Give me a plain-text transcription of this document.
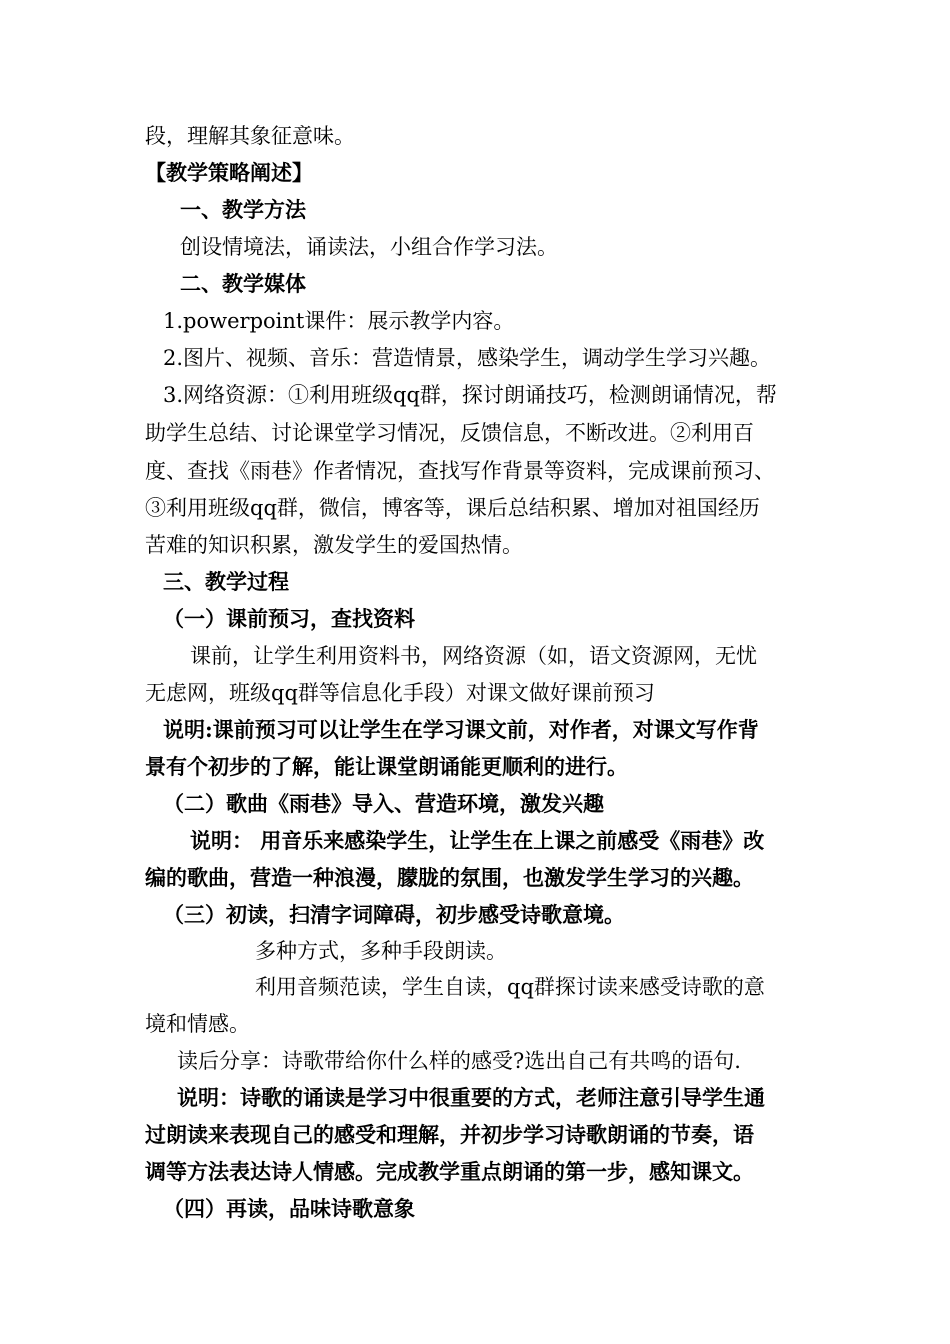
段，理解其象征意味。
【教学策略阐述】
一、教学方法
创设情境法，诵读法，小组合作学习法。
二、教学媒体
1.powerpoint课件：展示教学内容。
2.图片、视频、音乐：营造情景，感染学生，调动学生学习兴趣。
3.网络资源：①利用班级qq群，探讨朗诵技巧，检测朗诵情况，帮
助学生总结、讨论课堂学习情况，反馈信息，不断改进。②利用百
度、查找《雨巷》作者情况，查找写作背景等资料，完成课前预习、
③利用班级qq群，微信，博客等，课后总结积累、增加对祖国经历
苦难的知识积累，激发学生的爱国热情。
三、教学过程
（一）课前预习，查找资料
课前，让学生利用资料书，网络资源（如，语文资源网，无忧
无虑网，班级qq群等信息化手段）对课文做好课前预习
说明:课前预习可以让学生在学习课文前，对作者，对课文写作背
景有个初步的了解，能让课堂朗诵能更顺利的进行。
（二）歌曲《雨巷》导入、营造环境，激发兴趣
说明： 用音乐来感染学生，让学生在上课之前感受《雨巷》改
编的歌曲，营造一种浪漫，朦胧的氛围，也激发学生学习的兴趣。
（三）初读，扫清字词障碍，初步感受诗歌意境。
多种方式，多种手段朗读。
利用音频范读，学生自读，qq群探讨读来感受诗歌的意
境和情感。
读后分享：诗歌带给你什么样的感受?选出自己有共鸣的语句.
说明：诗歌的诵读是学习中很重要的方式，老师注意引导学生通
过朗读来表现自己的感受和理解，并初步学习诗歌朗诵的节奏，语
调等方法表达诗人情感。完成教学重点朗诵的第一步，感知课文。
（四）再读，品味诗歌意象
